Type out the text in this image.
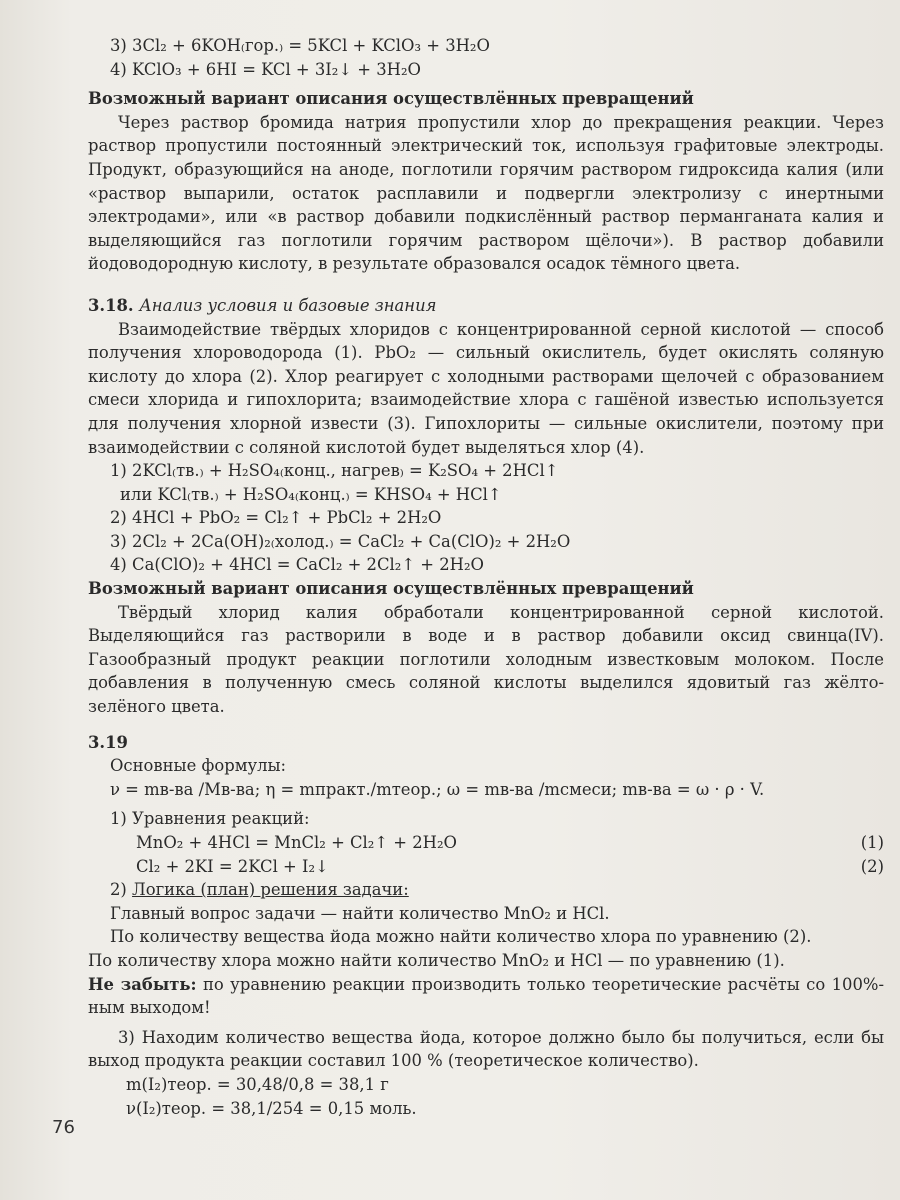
3) 3Cl₂ + 6KOH₍гор.₎ = 5KCl + KClO₃ + 3H₂O
4) KClO₃ + 6HI = KCl + 3I₂↓ + 3H₂O
Возможный вариант описания осуществлённых превращений
Через раствор бромида натрия пропустили хлор до прекращения реакции. Через раствор пропустили постоянный электрический ток, используя графитовые электроды. Продукт, образующийся на аноде, поглотили горячим раствором гидроксида калия (или «раствор выпарили, остаток расплавили и подвергли электролизу с инертными электродами», или «в раствор добавили подкислённый раствор перманганата калия и выделяющийся газ поглотили горячим раствором щёлочи»). В раствор добавили йодоводородную кислоту, в результате образовался осадок тёмного цвета.
3.18. Анализ условия и базовые знания
Взаимодействие твёрдых хлоридов с концентрированной серной кислотой — способ получения хлороводорода (1). PbO₂ — сильный окислитель, будет окислять соляную кислоту до хлора (2). Хлор реагирует с холодными растворами щелочей с образованием смеси хлорида и гипохлорита; взаимодействие хлора с гашёной известью используется для получения хлорной извести (3). Гипохлориты — сильные окислители, поэтому при взаимодействии с соляной кислотой будет выделяться хлор (4).
1) 2KCl₍тв.₎ + H₂SO₄₍конц., нагрев₎ = K₂SO₄ + 2HCl↑
или KCl₍тв.₎ + H₂SO₄₍конц.₎ = KHSO₄ + HCl↑
2) 4HCl + PbO₂ = Cl₂↑ + PbCl₂ + 2H₂O
3) 2Cl₂ + 2Ca(OH)₂₍холод.₎ = CaCl₂ + Ca(ClO)₂ + 2H₂O
4) Ca(ClO)₂ + 4HCl = CaCl₂ + 2Cl₂↑ + 2H₂O
Возможный вариант описания осуществлённых превращений
Твёрдый хлорид калия обработали концентрированной серной кислотой. Выделяющийся газ растворили в воде и в раствор добавили оксид свинца(IV). Газообразный продукт реакции поглотили холодным известковым молоком. После добавления в полученную смесь соляной кислоты выделился ядовитый газ жёлто-зелёного цвета.
3.19
Основные формулы:
ν = mв-ва /Mв-ва; η = mпракт./mтеор.; ω = mв-ва /mсмеси; mв-ва = ω · ρ · V.
1) Уравнения реакций:
MnO₂ + 4HCl = MnCl₂ + Cl₂↑ + 2H₂O	(1)
Cl₂ + 2KI = 2KCl + I₂↓	(2)
2) Логика (план) решения задачи:
Главный вопрос задачи — найти количество MnO₂ и HCl.
По количеству вещества йода можно найти количество хлора по уравнению (2).
По количеству хлора можно найти количество MnO₂ и HCl — по уравнению (1).
Не забыть: по уравнению реакции производить только теоретические расчёты со 100%-ным выходом!
3) Находим количество вещества йода, которое должно было бы получиться, если бы выход продукта реакции составил 100 % (теоретическое количество).
m(I₂)теор. = 30,48/0,8 = 38,1 г
ν(I₂)теор. = 38,1/254 = 0,15 моль.
76
